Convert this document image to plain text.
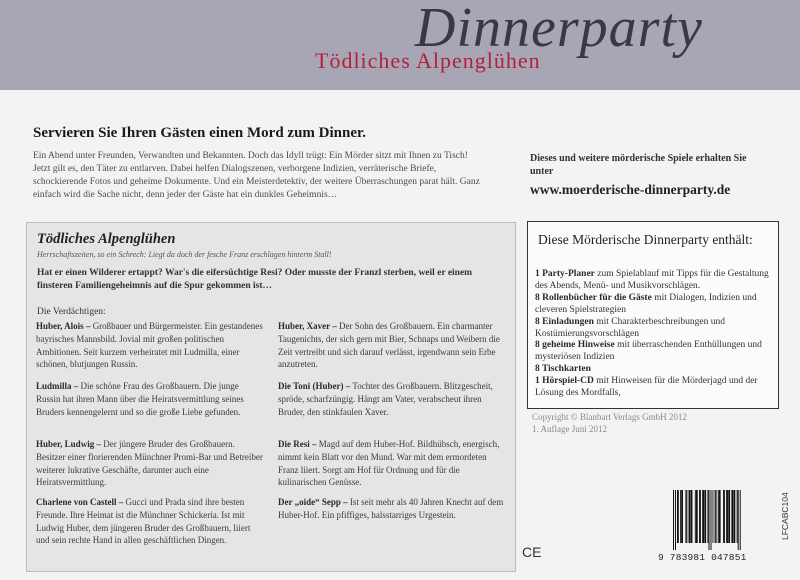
Dinnerparty
Tödliches Alpenglühen
Servieren Sie Ihren Gästen einen Mord zum Dinner.

Ein Abend unter Freunden, Verwandten und Bekannten. Doch das Idyll trügt: Ein Mörder sitzt mit Ihnen zu Tisch! Jetzt gilt es, den Täter zu entlarven. Dabei helfen Dialogszenen, verborgene Indizien, verräterische Briefe, schockierende Fotos und geheime Dokumente. Und ein Meisterdetektiv, der weitere Überraschungen parat hält. Ganz einfach wird die Sache nicht, denn jeder der Gäste hat ein dunkles Geheimnis…

Dieses und weitere mörderische Spiele erhalten Sie unter

www.moerderische-dinnerparty.de
Tödliches Alpenglühen
Herrschaftszeiten, so ein Schrech: Liegt da doch der fesche Franz erschlagen hinterm Stall!

Hat er einen Wilderer ertappt? War's die eifersüchtige Resi? Oder musste der Franzl sterben, weil er einem finsteren Familiengeheimnis auf die Spur gekommen ist…

Die Verdächtigen:

Huber, Alois – Großbauer und Bürgermeister. Ein gestandenes bayrisches Mannsbild. Jovial mit großen politischen Ambitionen. Seit kurzem verheiratet mit Ludmilla, einer schönen, blutjungen Russin.

Huber, Xaver – Der Sohn des Großbauern. Ein charmanter Taugenichts, der sich gern mit Bier, Schnaps und Weibern die Zeit vertreibt und sich darauf verlässt, irgendwann sein Erbe anzutreten.

Ludmilla – Die schöne Frau des Großbauern. Die junge Russin hat ihren Mann über die Heiratsvermittlung seines Bruders kennengelernt und so die große Liebe gefunden.

Die Toni (Huber) – Tochter des Großbauern. Blitzgescheit, spröde, scharfzüngig. Hängt am Vater, verabscheut ihren Bruder, den stinkfaulen Xaver.

Huber, Ludwig – Der jüngere Bruder des Großbauern. Besitzer einer florierenden Münchner Promi-Bar und Betreiber weiterer lukrative Geschäfte, darunter auch eine Heiratsvermittlung.

Die Resi – Magd auf dem Huber-Hof. Bildhübsch, energisch, nimmt kein Blatt vor den Mund. War mit dem ermordeten Franz liiert. Sorgt am Hof für Ordnung und für die kulinarischen Genüsse.

Charlene von Castell – Gucci und Prada sind ihre besten Freunde. Ihre Heimat ist die Münchner Schickeria. Ist mit Ludwig Huber, dem jüngeren Bruder des Großbauern, liiert und sein rechte Hand in allen geschäftlichen Dingen.

Der „oide“ Sepp – Ist seit mehr als 40 Jahren Knecht auf dem Huber-Hof. Ein pfiffiges, halsstarriges Urgestein.

Diese Mörderische Dinnerparty enthält:
1 Party-Planer zum Spielablauf mit Tipps für die Gestaltung des Abends, Menü- und Musikvorschlägen.
8 Rollenbücher für die Gäste mit Dialogen, Indizien und cleveren Spielstrategien
8 Einladungen mit Charakterbeschreibungen und Kostümierungsvorschlägen
8 geheime Hinweise mit überraschenden Enthüllungen und mysteriösen Indizien
8 Tischkarten
1 Hörspiel-CD mit Hinweisen für die Mörderjagd und der Lösung des Mordfalls,
Copyright © Blanbart Verlags GmbH 2012
1. Auflage Juni 2012
CE	9 783981 047851
LFCABC104
